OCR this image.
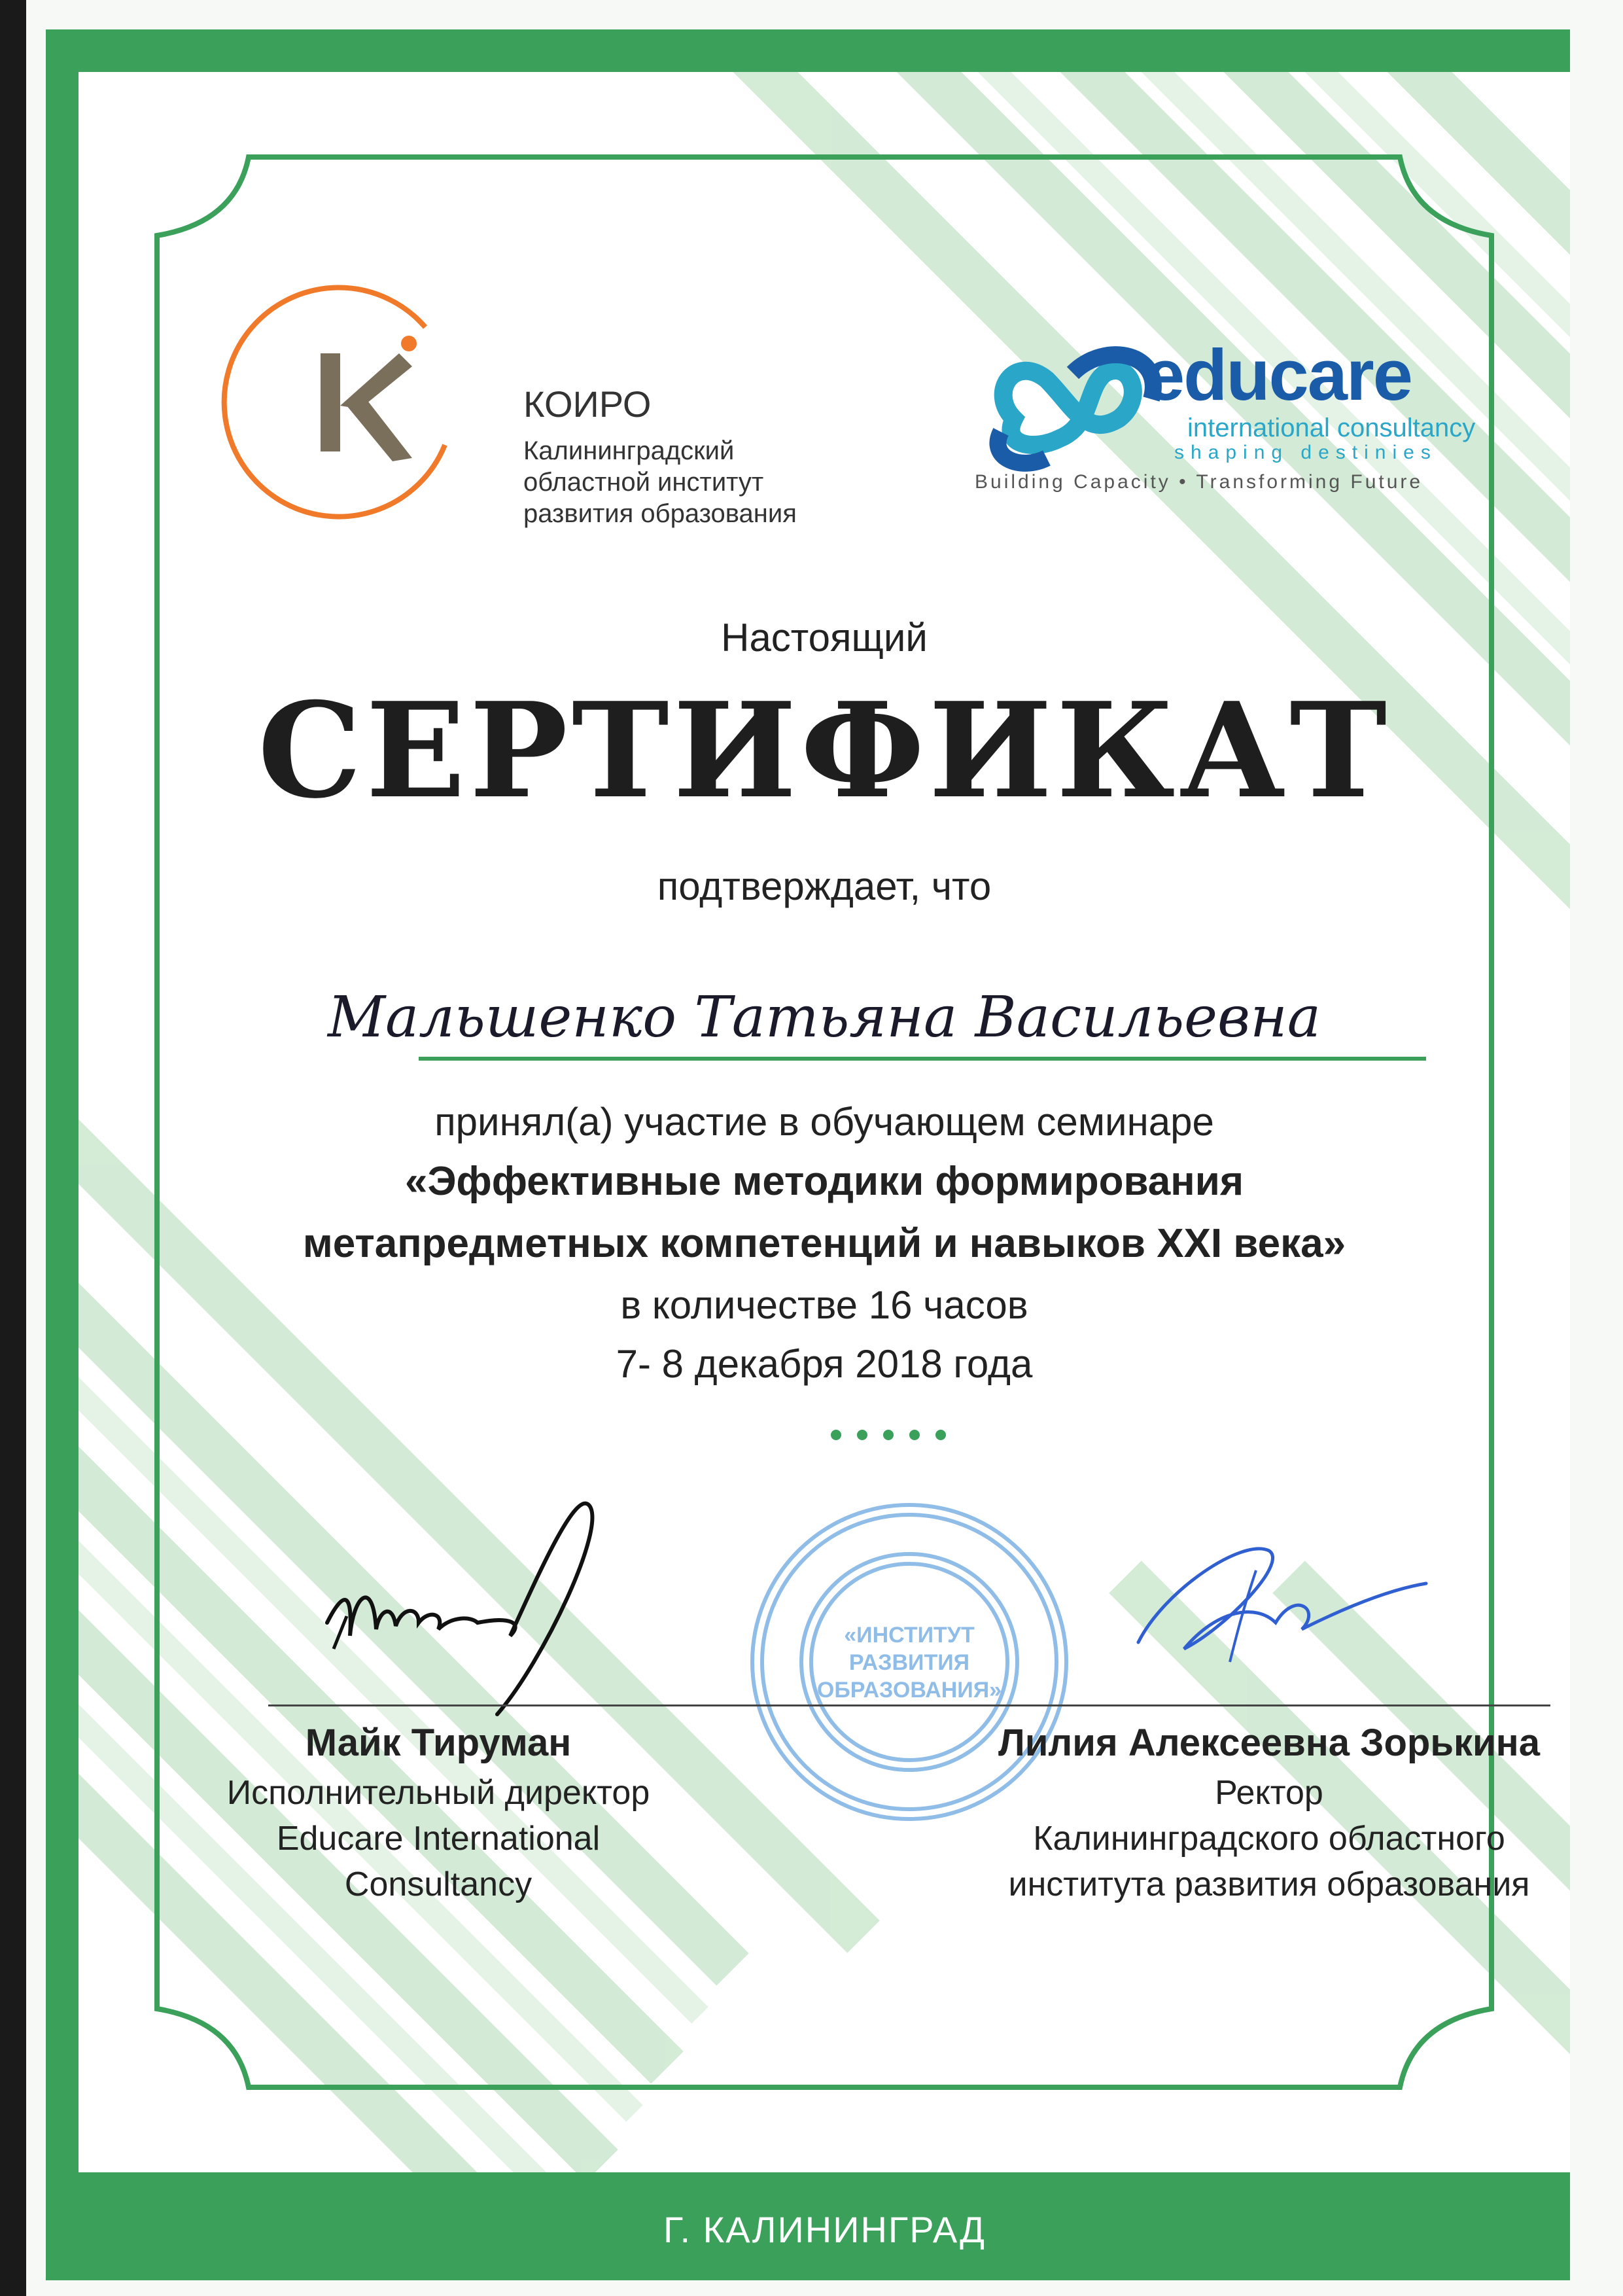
КОИРО
Калининградский
областной институт
развития образования
educare
international consultancy
shaping destinies
Building Capacity • Transforming Future
Настоящий
СЕРТИФИКАТ
подтверждает, что
Мальшенко Татьяна Васильевна
принял(а) участие в обучающем семинаре
«Эффективные методики формирования
метапредметных компетенций и навыков XXI века»
в количестве 16 часов
7- 8 декабря 2018 года
«ИНСТИТУТ
РАЗВИТИЯ
ОБРАЗОВАНИЯ»
Майк Тируман
Исполнительный директор
Educare International
Consultancy
Лилия Алексеевна Зорькина
Ректор
Калининградского областного
института развития образования
Г. КАЛИНИНГРАД
